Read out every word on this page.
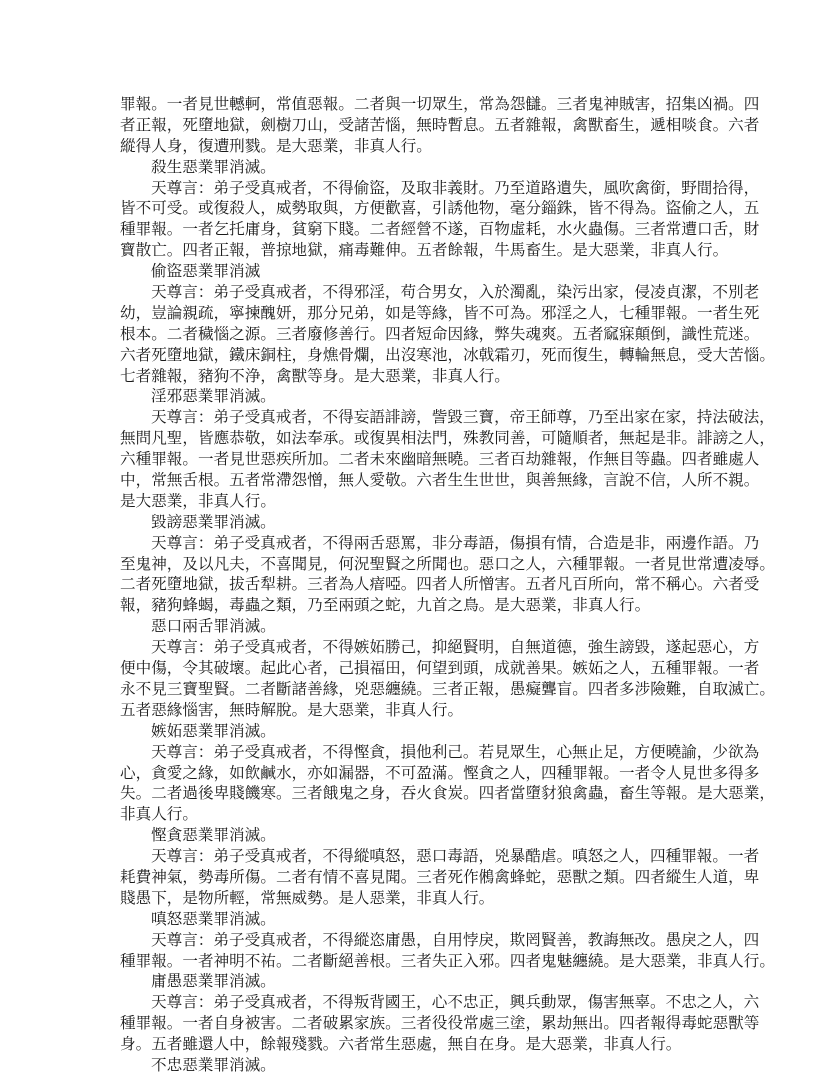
罪報。一者見世轗軻，常值惡報。二者與一切眾生，常為怨讎。三者鬼神賊害，招集凶禍。四
者正報，死墮地獄，劍樹刀山，受諸苦惱，無時暫息。五者雜報，禽獸畜生，遞相啖食。六者
縱得人身，復遭刑戮。是大惡業，非真人行。
殺生惡業罪消滅。
天尊言：弟子受真戒者，不得偷盜，及取非義財。乃至道路遺失，風吹禽銜，野間拾得，
皆不可受。或復殺人，威勢取與，方便歡喜，引誘他物，毫分錙銖，皆不得為。盜偷之人，五
種罪報。一者乞托庸身，貧窮下賤。二者經營不遂，百物虛耗，水火蟲傷。三者常遭口舌，財
寶散亡。四者正報，普掠地獄，痛毒難伸。五者餘報，牛馬畜生。是大惡業，非真人行。
偷盜惡業罪消滅
天尊言：弟子受真戒者，不得邪淫，苟合男女，入於濁亂，染污出家，侵凌貞潔，不別老
幼，豈論親疏，寧揀醜妍，那分兄弟，如是等緣，皆不可為。邪淫之人，七種罪報。一者生死
根本。二者穢惱之源。三者廢修善行。四者短命因緣，弊失魂爽。五者窳寐顛倒，識性荒迷。
六者死墮地獄，鐵床銅柱，身燋骨爛，出沒寒池，冰戟霜刃，死而復生，轉輪無息，受大苦惱。
七者雜報，豬狗不浄，禽獸等身。是大惡業，非真人行。
淫邪惡業罪消滅。
天尊言：弟子受真戒者，不得妄語誹謗，訾毀三寶，帝王師尊，乃至出家在家，持法破法，
無問凡聖，皆應恭敬，如法奉承。或復異相法門，殊教同善，可隨順者，無起是非。誹謗之人，
六種罪報。一者見世惡疾所加。二者未來幽暗無曉。三者百劫雜報，作無目等蟲。四者雖處人
中，常無舌根。五者常滯怨憎，無人愛敬。六者生生世世，與善無緣，言說不信，人所不親。
是大惡業，非真人行。
毀謗惡業罪消滅。
天尊言：弟子受真戒者，不得兩舌惡罵，非分毒語，傷損有情，合造是非，兩邊作語。乃
至鬼神，及以凡夫，不喜聞見，何況聖賢之所聞也。惡口之人，六種罪報。一者見世常遭凌辱。
二者死墮地獄，拔舌犁耕。三者為人瘖啞。四者人所憎害。五者凡百所向，常不稱心。六者受
報，豬狗蜂蝎，毒蟲之類，乃至兩頭之蛇，九首之鳥。是大惡業，非真人行。
惡口兩舌罪消滅。
天尊言：弟子受真戒者，不得嫉妬勝己，抑絕賢明，自無道德，強生謗毀，遂起惡心，方
便中傷，令其破壞。起此心者，己損福田，何望到頭，成就善果。嫉妬之人，五種罪報。一者
永不見三寶聖賢。二者斷諸善緣，兇惡纏繞。三者正報，愚癡聾盲。四者多涉險難，自取滅亡。
五者惡緣惱害，無時解脫。是大惡業，非真人行。
嫉妬惡業罪消滅。
天尊言：弟子受真戒者，不得慳貪，損他利己。若見眾生，心無止足，方便曉諭，少欲為
心，貪愛之緣，如飲鹹水，亦如漏器，不可盈滿。慳貪之人，四種罪報。一者令人見世多得多
失。二者過後卑賤饑寒。三者餓鬼之身，吞火食炭。四者當墮豺狼禽蟲，畜生等報。是大惡業，
非真人行。
慳貪惡業罪消滅。
天尊言：弟子受真戒者，不得縱嗔怒，惡口毒語，兇暴酷虐。嗔怒之人，四種罪報。一者
耗費神氣，勢毒所傷。二者有情不喜見聞。三者死作鵂禽蜂蛇，惡獸之類。四者縱生人道，卑
賤愚下，是物所輕，常無威勢。是人惡業，非真人行。
嗔怒惡業罪消滅。
天尊言：弟子受真戒者，不得縱恣庸愚，自用悖戾，欺罔賢善，教誨無改。愚戾之人，四
種罪報。一者神明不祐。二者斷絕善根。三者失正入邪。四者鬼魅纏繞。是大惡業，非真人行。
庸愚惡業罪消滅。
天尊言：弟子受真戒者，不得叛背國王，心不忠正，興兵動眾，傷害無辜。不忠之人，六
種罪報。一者自身被害。二者破累家族。三者役役常處三塗，累劫無出。四者報得毒蛇惡獸等
身。五者雖還人中，餘報殘戮。六者常生惡處，無自在身。是大惡業，非真人行。
不忠惡業罪消滅。
